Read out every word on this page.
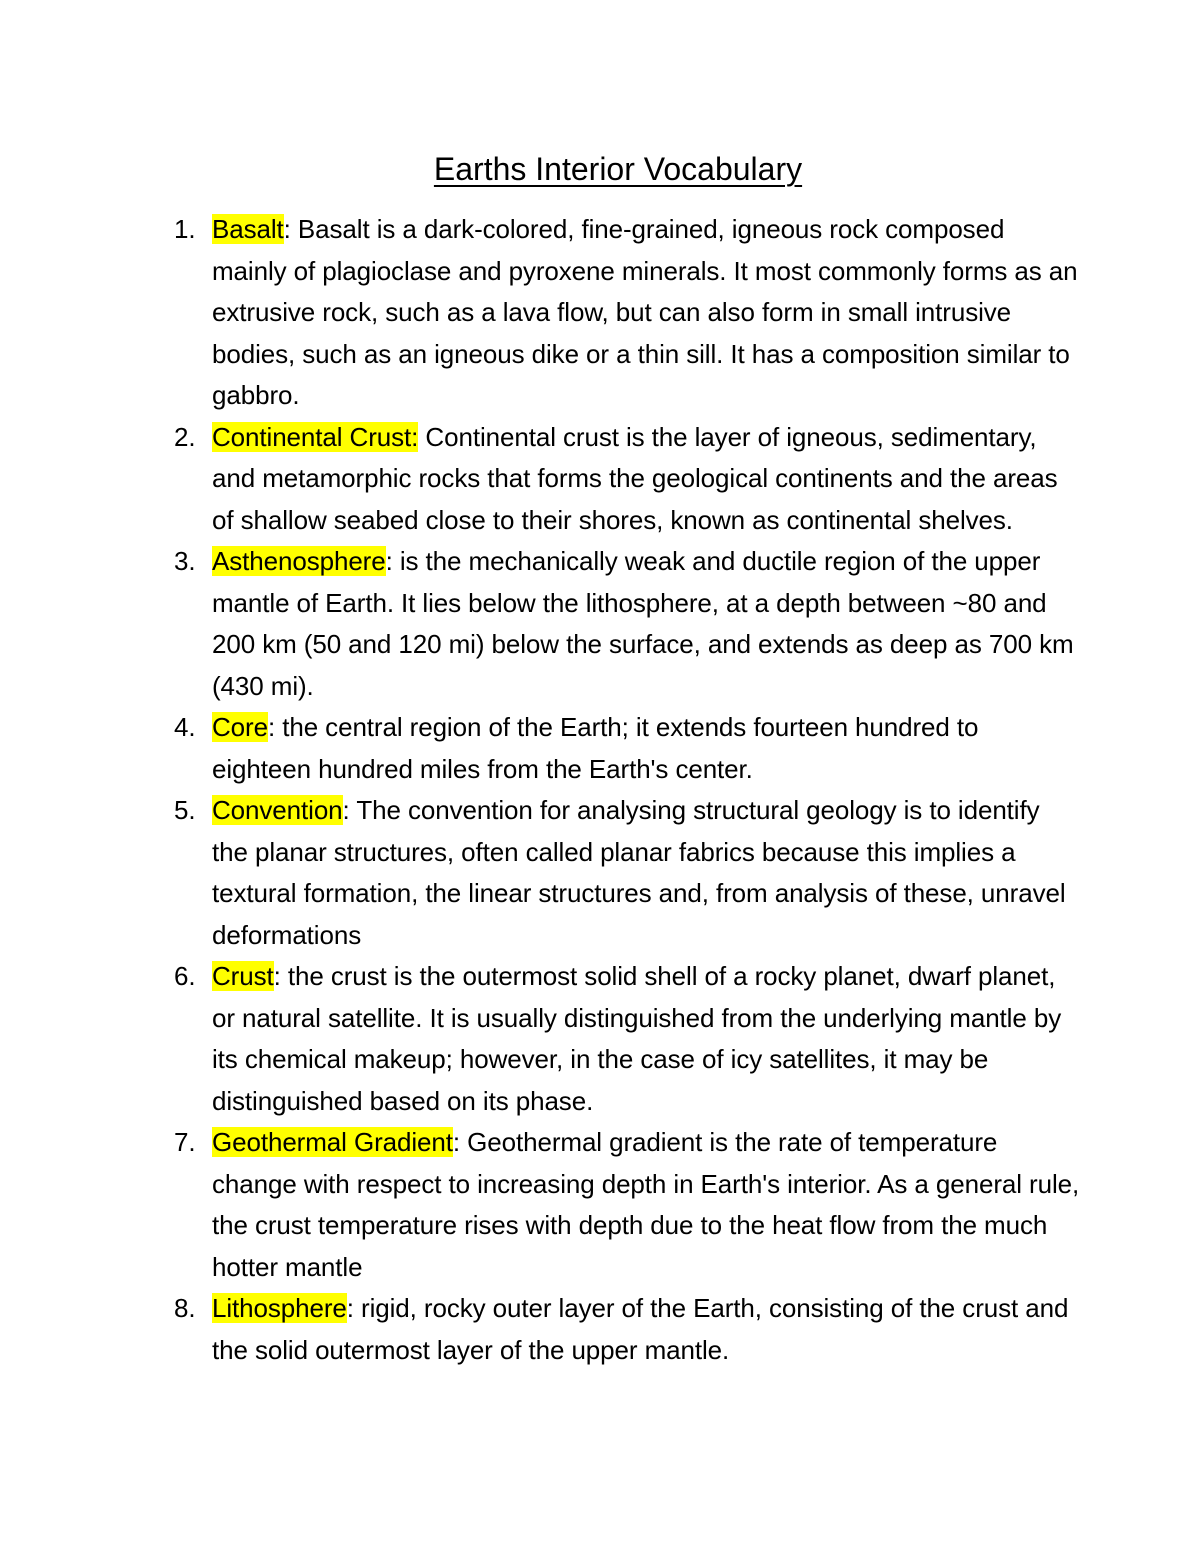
Earths Interior Vocabulary
1. Basalt: Basalt is a dark-colored, fine-grained, igneous rock composed mainly of plagioclase and pyroxene minerals. It most commonly forms as an extrusive rock, such as a lava flow, but can also form in small intrusive bodies, such as an igneous dike or a thin sill. It has a composition similar to gabbro.
2. Continental Crust: Continental crust is the layer of igneous, sedimentary, and metamorphic rocks that forms the geological continents and the areas of shallow seabed close to their shores, known as continental shelves.
3. Asthenosphere: is the mechanically weak and ductile region of the upper mantle of Earth. It lies below the lithosphere, at a depth between ~80 and 200 km (50 and 120 mi) below the surface, and extends as deep as 700 km (430 mi).
4. Core: the central region of the Earth; it extends fourteen hundred to eighteen hundred miles from the Earth's center.
5. Convention: The convention for analysing structural geology is to identify the planar structures, often called planar fabrics because this implies a textural formation, the linear structures and, from analysis of these, unravel deformations
6. Crust: the crust is the outermost solid shell of a rocky planet, dwarf planet, or natural satellite. It is usually distinguished from the underlying mantle by its chemical makeup; however, in the case of icy satellites, it may be distinguished based on its phase.
7. Geothermal Gradient: Geothermal gradient is the rate of temperature change with respect to increasing depth in Earth's interior. As a general rule, the crust temperature rises with depth due to the heat flow from the much hotter mantle
8. Lithosphere: rigid, rocky outer layer of the Earth, consisting of the crust and the solid outermost layer of the upper mantle.
